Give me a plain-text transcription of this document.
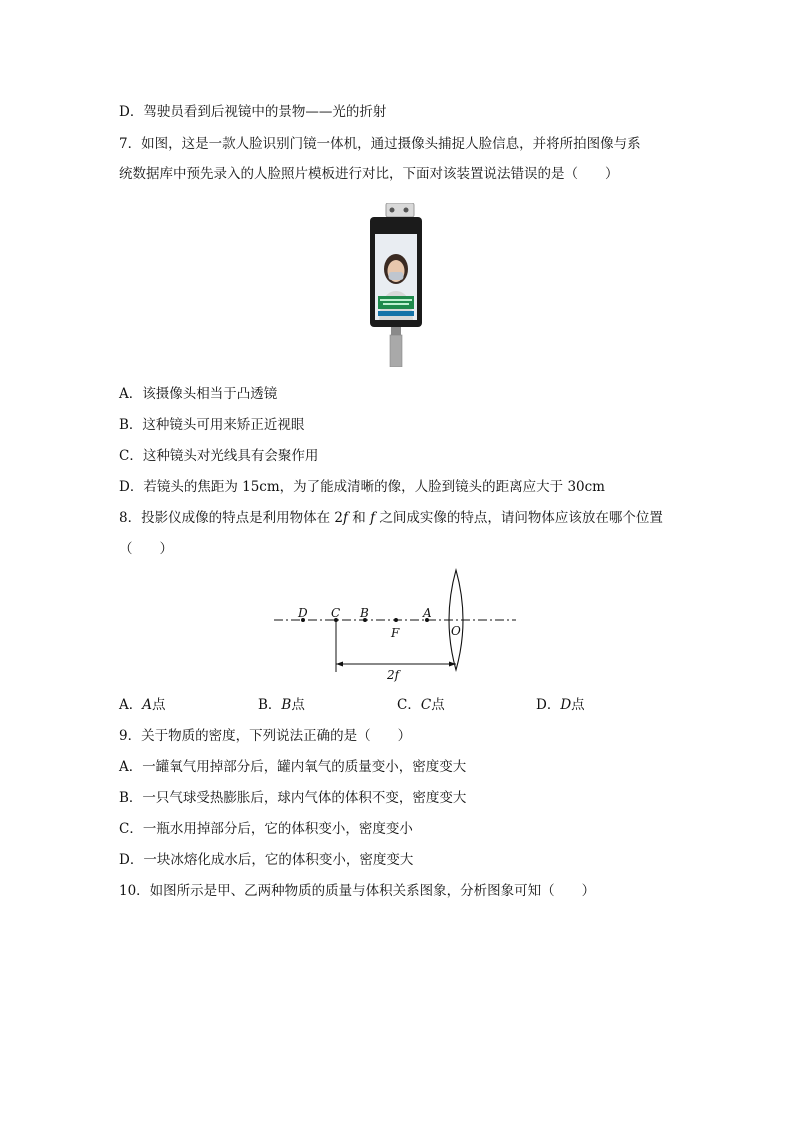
D．驾驶员看到后视镜中的景物——光的折射
7．如图，这是一款人脸识别门镜一体机，通过摄像头捕捉人脸信息，并将所拍图像与系
统数据库中预先录入的人脸照片模板进行对比，下面对该装置说法错误的是（　　）
A．该摄像头相当于凸透镜
B．这种镜头可用来矫正近视眼
C．这种镜头对光线具有会聚作用
D．若镜头的焦距为 15cm，为了能成清晰的像，人脸到镜头的距离应大于 30cm
8．投影仪成像的特点是利用物体在 2f 和 f 之间成实像的特点，请问物体应该放在哪个位置
（　　）
D C B
F
A
O
2f
A．A点	B．B点	C．C点	D．D点
9．关于物质的密度，下列说法正确的是（　　）
A．一罐氧气用掉部分后，罐内氧气的质量变小，密度变大
B．一只气球受热膨胀后，球内气体的体积不变，密度变大
C．一瓶水用掉部分后，它的体积变小，密度变小
D．一块冰熔化成水后，它的体积变小，密度变大
10．如图所示是甲、乙两种物质的质量与体积关系图象，分析图象可知（　　）
